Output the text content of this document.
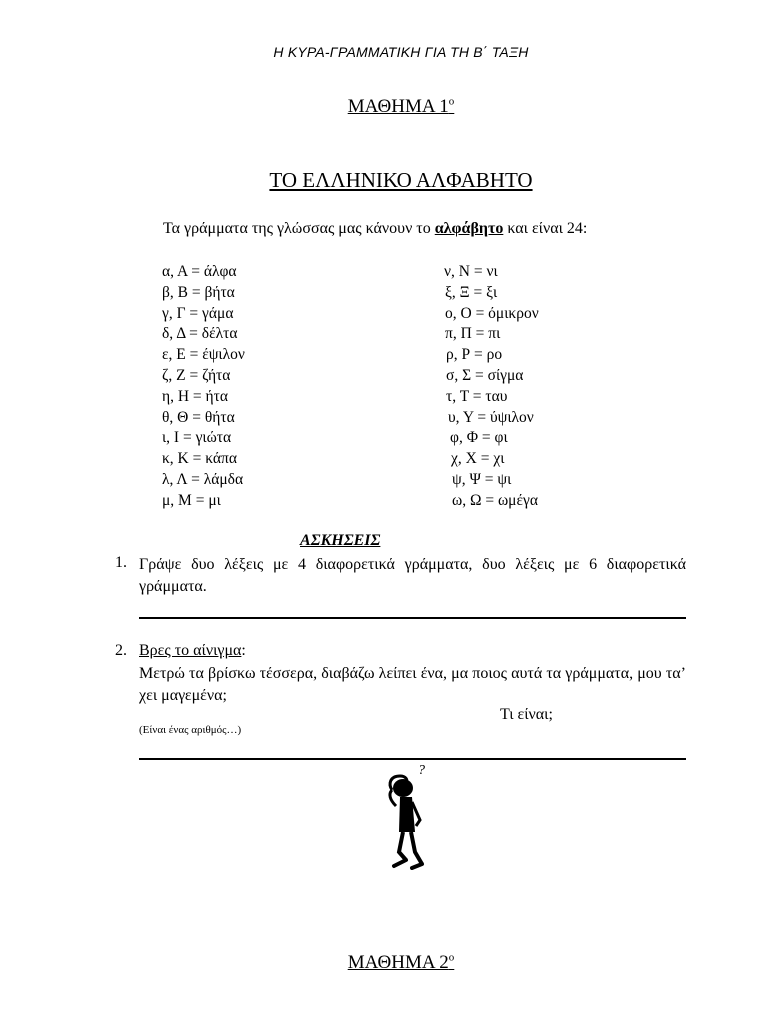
Η ΚΥΡΑ-ΓΡΑΜΜΑΤΙΚΗ ΓΙΑ ΤΗ Β΄ ΤΑΞΗ
ΜΑΘΗΜΑ $1^o$
ΤΟ ΕΛΛΗΝΙΚΟ ΑΛΦΑΒΗΤΟ
Τα γράμματα της γλώσσας μας κάνουν το αλφάβητο και είναι 24:
α, Α = άλφα
β, Β = βήτα
γ, Γ = γάμα
δ, Δ = δέλτα
ε, Ε = έψιλον
ζ, Ζ = ζήτα
η, Η = ήτα
θ, Θ = θήτα
ι, Ι = γιώτα
κ, Κ = κάπα
λ, Λ = λάμδα
μ, Μ = μι
ν, Ν = νι
ξ, Ξ = ξι
ο, Ο = όμικρον
π, Π = πι
ρ, Ρ = ρο
σ, Σ = σίγμα
τ, Τ = ταυ
υ, Υ = ύψιλον
φ, Φ = φι
χ, Χ = χι
ψ, Ψ = ψι
ω, Ω = ωμέγα
ΑΣΚΗΣΕΙΣ
1. Γράψε δυο λέξεις με 4 διαφορετικά γράμματα, δυο λέξεις με 6 διαφορετικά γράμματα.
2. Βρες το αίνιγμα:
Μετρώ τα βρίσκω τέσσερα, διαβάζω λείπει ένα, μα ποιος αυτά τα γράμματα, μου τα’ χει μαγεμένα;
Τι είναι;
(Είναι ένας αριθμός…)
?
ΜΑΘΗΜΑ $2^o$
